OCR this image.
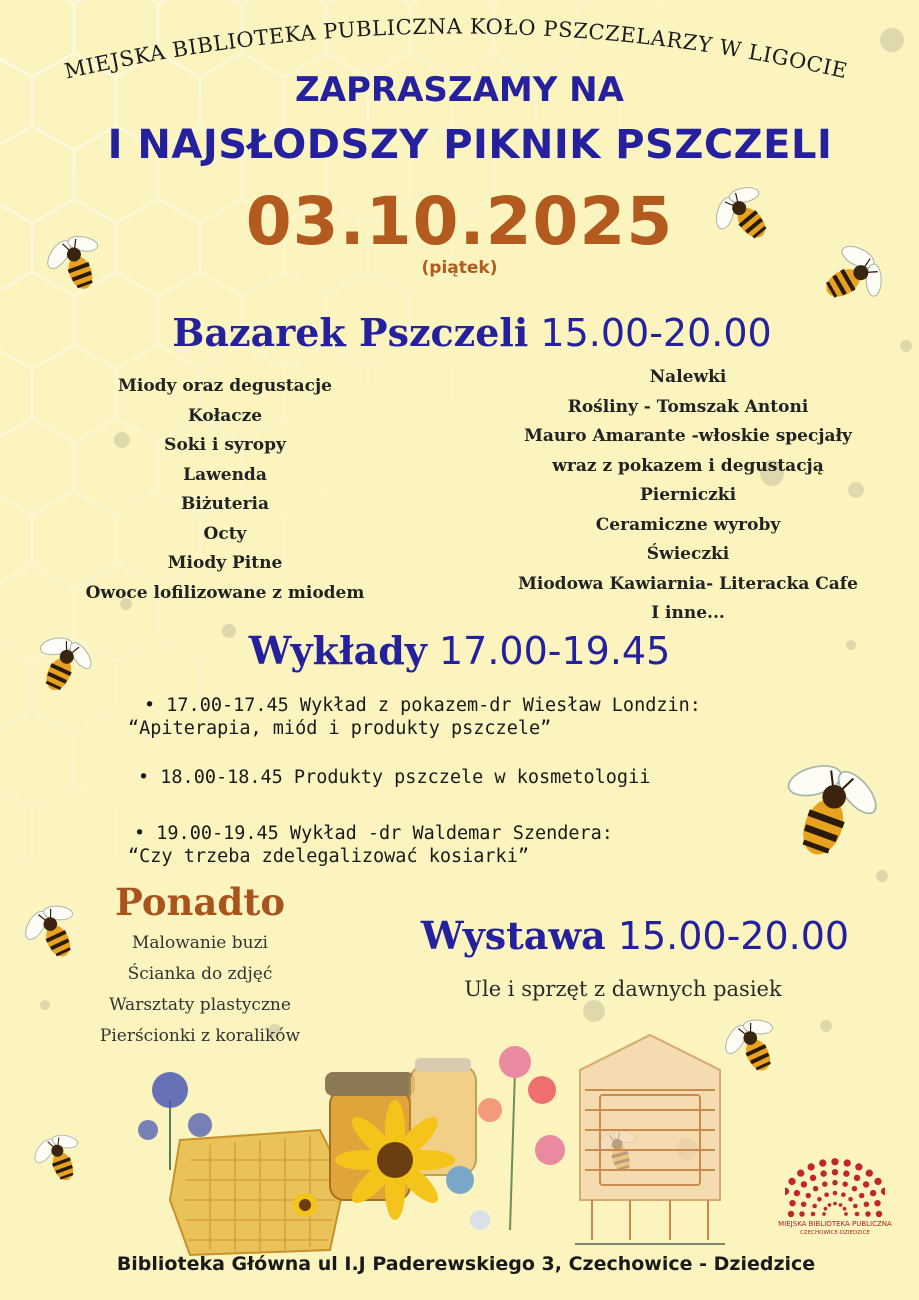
MIEJSKA BIBLIOTEKA PUBLICZNA KOŁO PSZCZELARZY W LIGOCIE
ZAPRASZAMY NA
I NAJSŁODSZY PIKNIK PSZCZELI
03.10.2025
(piątek)
Bazarek Pszczeli 15.00-20.00
Miody oraz degustacje
Kołacze
Soki i syropy
Lawenda
Biżuteria
Octy
Miody Pitne
Owoce lofilizowane z miodem
Nalewki
Rośliny - Tomszak Antoni
Mauro Amarante -włoskie specjały
wraz z pokazem i degustacją
Pierniczki
Ceramiczne wyroby
Świeczki
Miodowa Kawiarnia- Literacka Cafe
I inne...
Wykłady 17.00-19.45
• 17.00-17.45 Wykład z pokazem-dr Wiesław Londzin:
“Apiterapia, miód i produkty pszczele”
• 18.00-18.45 Produkty pszczele w kosmetologii
• 19.00-19.45 Wykład -dr Waldemar Szendera:
“Czy trzeba zdelegalizować kosiarki”
Ponadto
Malowanie buzi
Ścianka do zdjęć
Warsztaty plastyczne
Pierścionki z koralików
Wystawa 15.00-20.00
Ule i sprzęt z dawnych pasiek
MIEJSKA BIBLIOTEKA PUBLICZNA
CZECHOWICE-DZIEDZICE
Biblioteka Główna ul I.J Paderewskiego 3, Czechowice - Dziedzice
